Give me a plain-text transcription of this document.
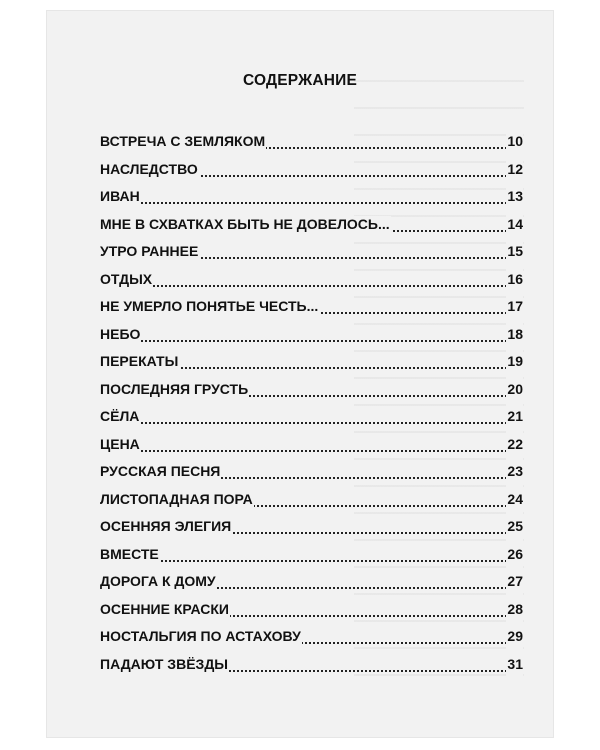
СОДЕРЖАНИЕ
ВСТРЕЧА С ЗЕМЛЯКОМ	10
НАСЛЕДСТВО	12
ИВАН	13
МНЕ В СХВАТКАХ БЫТЬ НЕ ДОВЕЛОСЬ...	14
УТРО РАННЕЕ	15
ОТДЫХ	16
НЕ УМЕРЛО ПОНЯТЬЕ ЧЕСТЬ...	17
НЕБО	18
ПЕРЕКАТЫ	19
ПОСЛЕДНЯЯ ГРУСТЬ	20
СЁЛА	21
ЦЕНА	22
РУССКАЯ ПЕСНЯ	23
ЛИСТОПАДНАЯ ПОРА	24
ОСЕННЯЯ ЭЛЕГИЯ	25
ВМЕСТЕ	26
ДОРОГА К ДОМУ	27
ОСЕННИЕ КРАСКИ	28
НОСТАЛЬГИЯ ПО АСТАХОВУ	29
ПАДАЮТ ЗВЁЗДЫ	31
